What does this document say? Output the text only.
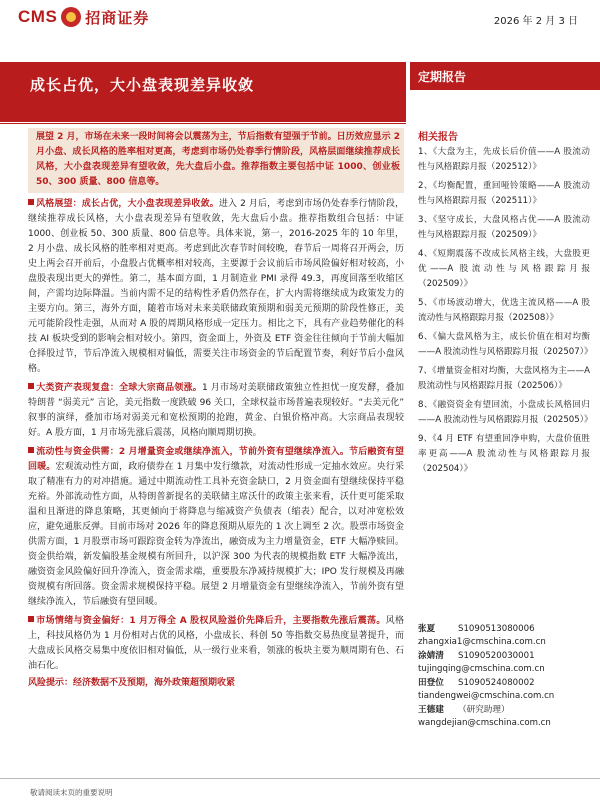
CMS 招商证券	2026 年 2 月 3 日
成长占优，大小盘表现差异收敛
——A 股流动性与风格跟踪月报（202602）
定期报告
展望 2 月，市场在未来一段时间将会以震荡为主，节后指数有望强于节前。日历效应显示 2 月小盘、成长风格的胜率相对更高，考虑到市场仍处春季行情阶段，风格层面继续推荐成长风格，大小盘表现差异有望收敛，先大盘后小盘。推荐指数主要包括中证 1000、创业板 50、300 质量、800 信息等。
风格展望：成长占优，大小盘表现差异收敛。进入 2 月后，考虑到市场仍处春季行情阶段，继续推荐成长风格，大小盘表现差异有望收敛，先大盘后小盘。推荐指数组合包括：中证 1000、创业板 50、300 质量、800 信息等。具体来说，第一，2016-2025 年的 10 年里，2 月小盘、成长风格的胜率相对更高。考虑到此次春节时间较晚，春节后一周将召开两会，历史上两会召开前后，小盘股占优概率相对较高，主要源于会议前后市场风险偏好相对较高，小盘股表现出更大的弹性。第二，基本面方面，1 月制造业 PMI 录得 49.3，再度回落至收缩区间，产需均边际降温。当前内需不足的结构性矛盾仍然存在，扩大内需将继续成为政策发力的主要方向。第三，海外方面，随着市场对未来美联储政策预期和弱美元预期的阶段性修正，美元可能阶段性走强，从而对 A 股的周期风格形成一定压力。相比之下，具有产业趋势催化的科技 AI 板块受到的影响会相对较小。第四，资金面上，外资及 ETF 资金往往倾向于节前大幅加仓择股过节，节后净流入规模相对偏低，需要关注市场资金的节后配置节奏，利好节后小盘风格。
大类资产表现复盘：全球大宗商品领涨。1 月市场对美联储政策独立性担忧一度发酵，叠加特朗普 “弱美元” 言论，美元指数一度跌破 96 关口，全球权益市场普遍表现较好。“去美元化” 叙事的演绎，叠加市场对弱美元和宽松预期的抢跑，黄金、白银价格冲高。大宗商品表现较好。A 股方面，1 月市场先涨后震荡，风格向顺周期切换。
流动性与资金供需：2 月增量资金或继续净流入，节前外资有望继续净流入。节后融资有望回暖。宏观流动性方面，政府债券在 1 月集中发行缴款，对流动性形成一定抽水效应。央行采取了精准有力的对冲措施。通过中期流动性工具补充资金缺口，2 月资金面有望继续保持平稳充裕。外部流动性方面，从特朗普新提名的美联储主席沃什的政策主张来看，沃什更可能采取温和且渐进的降息策略，其更倾向于将降息与缩减资产负债表（缩表）配合，以对冲宽松效应，避免通胀反弹。目前市场对 2026 年的降息预期从原先的 1 次上调至 2 次。股票市场资金供需方面，1 月股票市场可跟踪资金转为净流出，融资成为主力增量资金，ETF 大幅净赎回。资金供给端，新发偏股基金规模有所回升，以沪深 300 为代表的规模指数 ETF 大幅净流出，融资资金风险偏好回升净流入，资金需求端，重要股东净减持规模扩大；IPO 发行规模及再融资规模有所回落。资金需求规模保持平稳。展望 2 月增量资金有望继续净流入，节前外资有望继续净流入，节后融资有望回暖。
市场情绪与资金偏好：1 月万得全 A 股权风险溢价先降后升，主要指数先涨后震荡。风格上，科技风格仍为 1 月份相对占优的风格，小盘成长、科创 50 等指数交易热度显著提升，而大盘成长风格交易集中度依旧相对偏低，从一级行业来看，领涨的板块主要为顺周期有色、石油石化。
风险提示：经济数据不及预期，海外政策超预期收紧
相关报告
1、《大盘为主，先成长后价值——A 股流动性与风格跟踪月报（202512）》
2、《均衡配置，重回哑铃策略——A 股流动性与风格跟踪月报（202511）》
3、《坚守成长，大盘风格占优——A 股流动性与风格跟踪月报（202509）》
4、《短期震荡不改成长风格主线，大盘股更优——A 股流动性与风格跟踪月报（202509）》
5、《市场波动增大，优选主流风格——A 股流动性与风格跟踪月报（202508）》
6、《偏大盘风格为主，成长价值在相对均衡——A 股流动性与风格跟踪月报（202507）》
7、《增量资金相对均衡，大盘风格为主——A 股流动性与风格跟踪月报（202506）》
8、《融资资金有望回流，小盘成长风格回归——A 股流动性与风格跟踪月报（202505）》
9、《4 月 ETF 有望重回净申购，大盘价值胜率更高——A 股流动性与风格跟踪月报（202504）》
张夏	S1090513080006
zhangxia1@cmschina.com.cn
涂婧清 S1090520030001
tujingqing@cmschina.com.cn
田登位 S1090524080002
tiandengwei@cmschina.com.cn
王德建 （研究助理）
wangdejian@cmschina.com.cn
敬请阅读末页的重要说明
